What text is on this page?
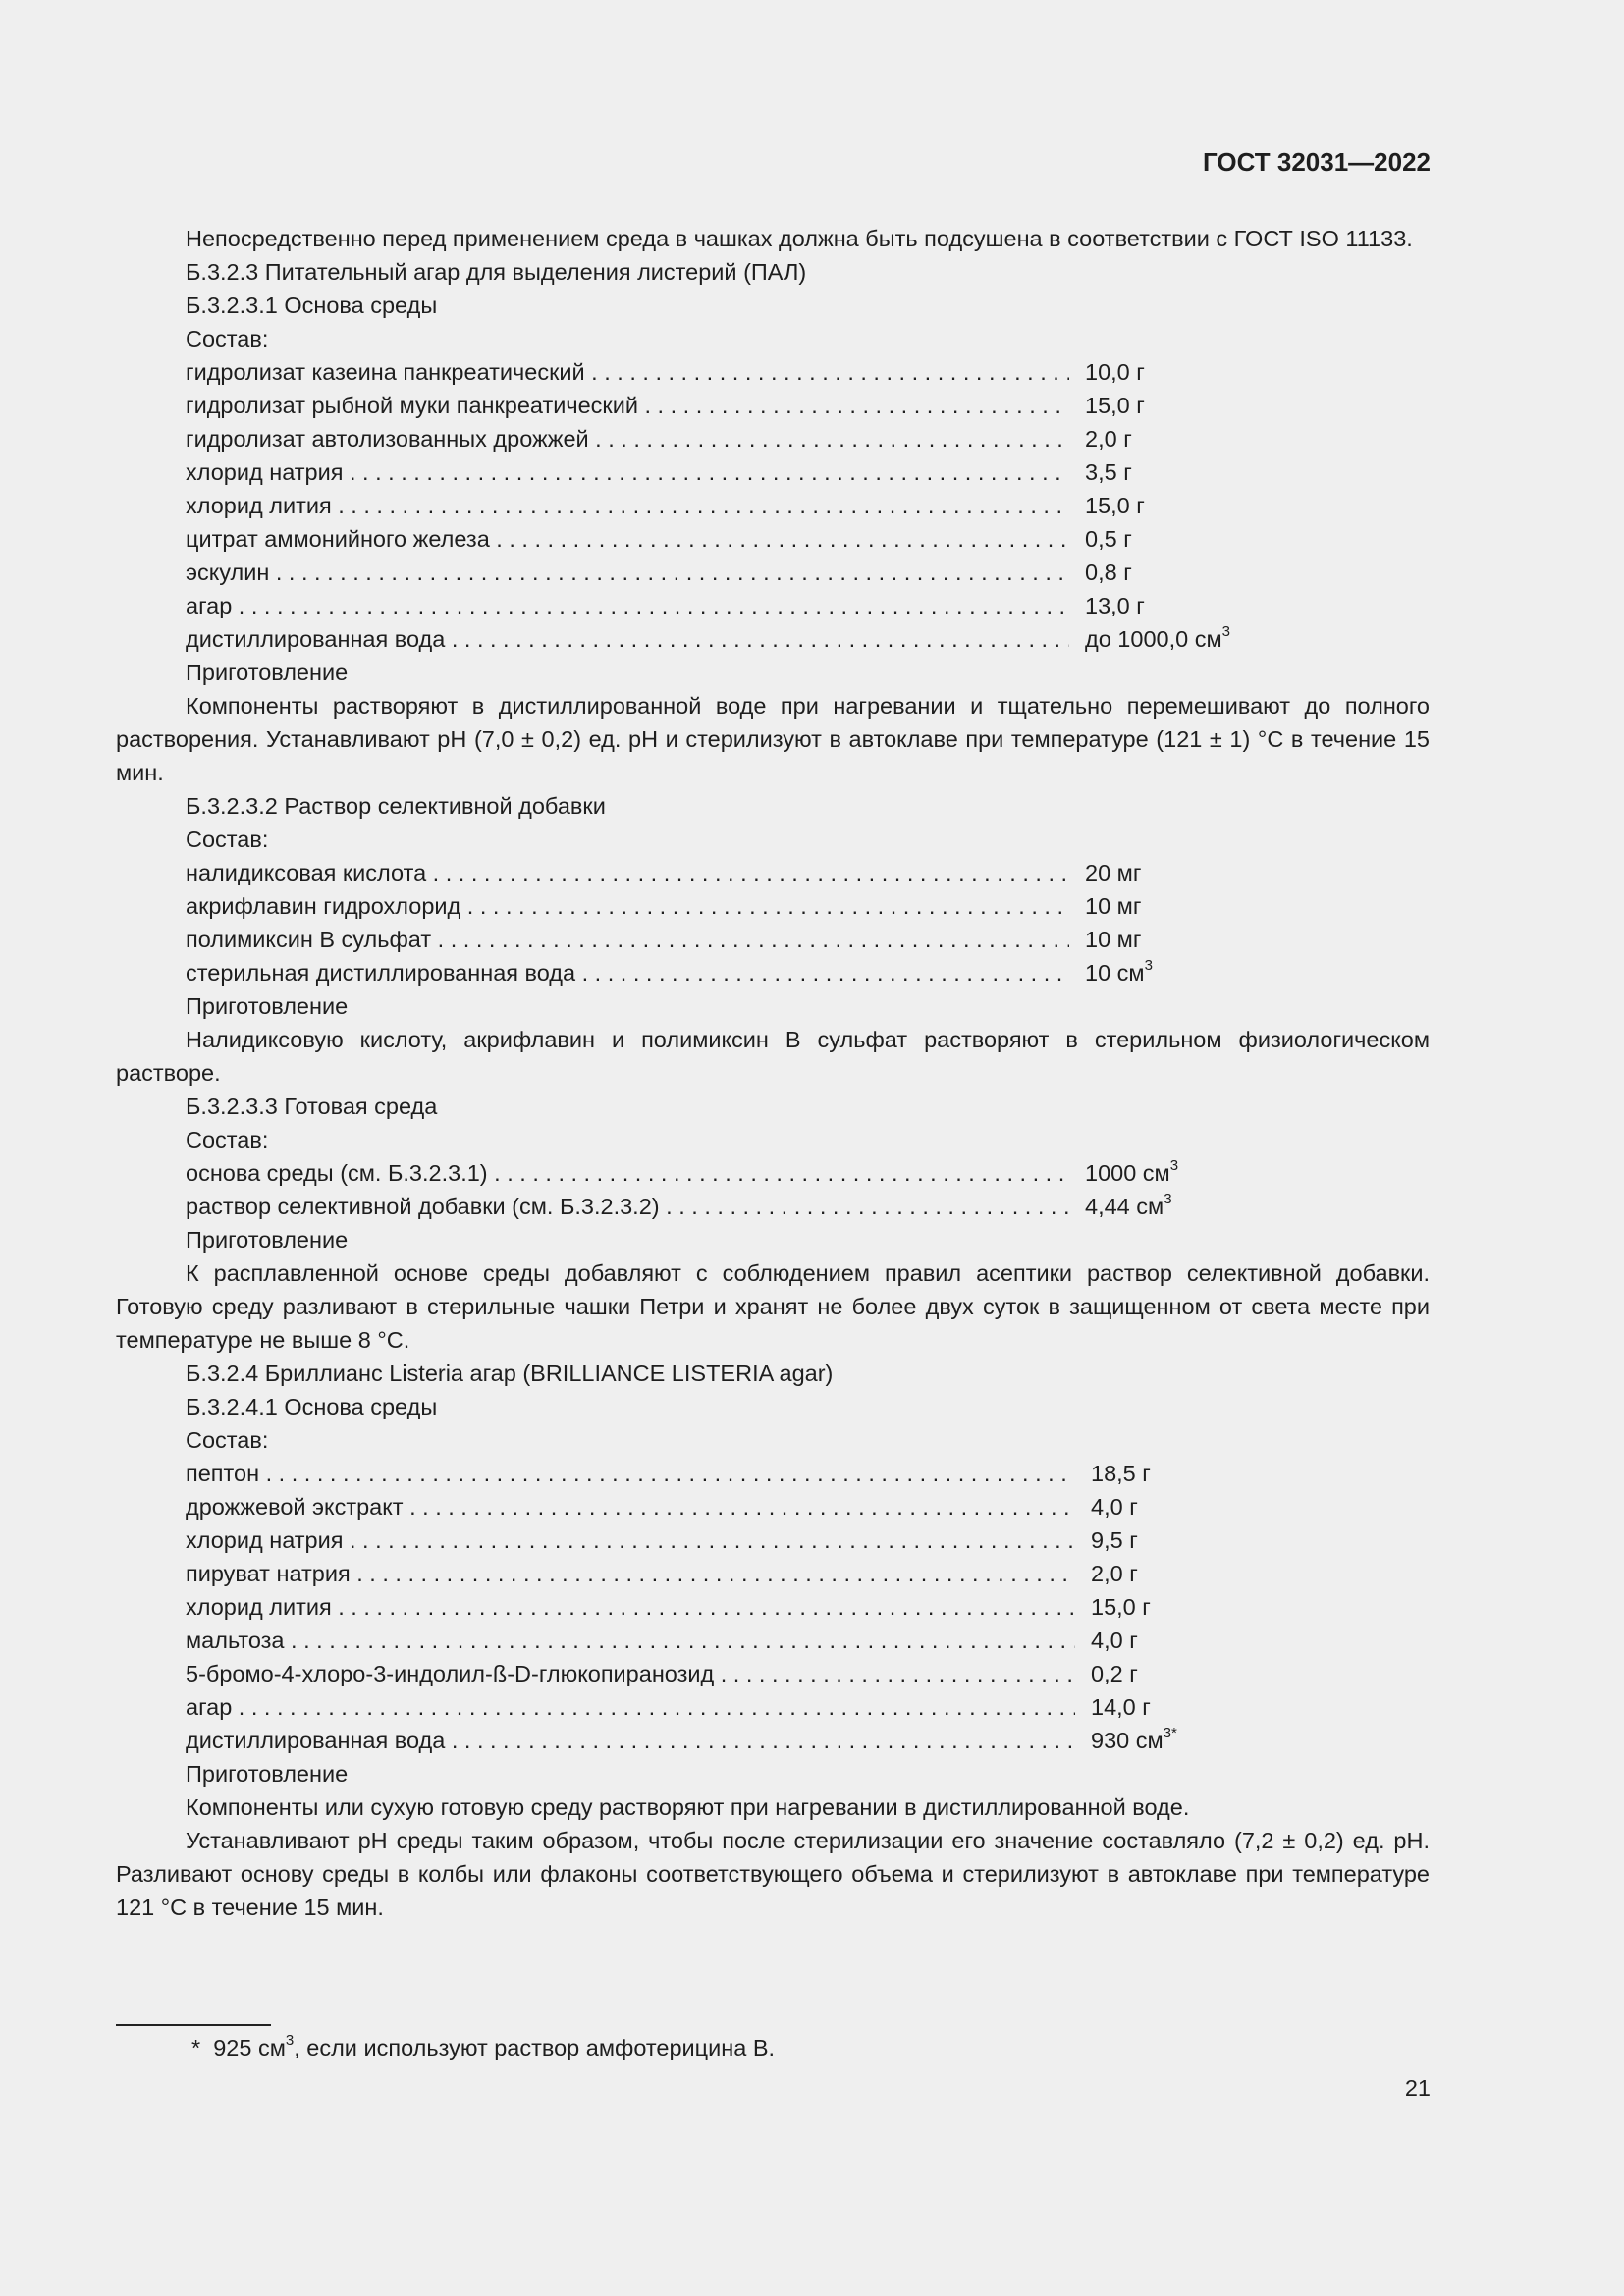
ГОСТ 32031—2022

Непосредственно перед применением среда в чашках должна быть подсушена в соответствии с ГОСТ ISO 11133.

Б.3.2.3 Питательный агар для выделения листерий (ПАЛ)

Б.3.2.3.1 Основа среды

Состав:

гидролизат казеина панкреатический . . .	10,0 г
гидролизат рыбной муки панкреатический . . .	15,0 г
гидролизат автолизованных дрожжей . . .	2,0 г
хлорид натрия . . .	3,5 г
хлорид лития . . .	15,0 г
цитрат аммонийного железа . . .	0,5 г
эскулин . . .	0,8 г
агар . . .	13,0 г
дистиллированная вода . . .	до 1000,0 $см^3$

Приготовление

Компоненты растворяют в дистиллированной воде при нагревании и тщательно перемешивают до полного растворения. Устанавливают pH (7,0 ± 0,2) ед. pH и стерилизуют в автоклаве при температуре (121 ± 1) °С в течение 15 мин.

Б.3.2.3.2 Раствор селективной добавки

Состав:

налидиксовая кислота . . .	20 мг
акрифлавин гидрохлорид . . .	10 мг
полимиксин В сульфат . . .	10 мг
стерильная дистиллированная вода . . .	10 $см^3$

Приготовление

Налидиксовую кислоту, акрифлавин и полимиксин В сульфат растворяют в стерильном физиологическом растворе.

Б.3.2.3.3 Готовая среда

Состав:

основа среды (см. Б.3.2.3.1) . . .	1000 $см^3$
раствор селективной добавки (см. Б.3.2.3.2) . . .	4,44 $см^3$

Приготовление

К расплавленной основе среды добавляют с соблюдением правил асептики раствор селективной добавки. Готовую среду разливают в стерильные чашки Петри и хранят не более двух суток в защищенном от света месте при температуре не выше 8 °С.

Б.3.2.4 Бриллианс Listeria агар (BRILLIANCE LISTERIA agar)

Б.3.2.4.1 Основа среды

Состав:

пептон . . .	18,5 г
дрожжевой экстракт . . .	4,0 г
хлорид натрия . . .	9,5 г
пируват натрия . . .	2,0 г
хлорид лития . . .	15,0 г
мальтоза . . .	4,0 г
5-бромо-4-хлоро-3-индолил-ß-D-глюкопиранозид . . .	0,2 г
агар . . .	14,0 г
дистиллированная вода . . .	930 $см^{3*}$

Приготовление

Компоненты или сухую готовую среду растворяют при нагревании в дистиллированной воде.

Устанавливают pH среды таким образом, чтобы после стерилизации его значение составляло (7,2 ± 0,2) ед. pH. Разливают основу среды в колбы или флаконы соответствующего объема и стерилизуют в автоклаве при температуре 121 °С в течение 15 мин.

* 925 $см^3$, если используют раствор амфотерицина В.
21
